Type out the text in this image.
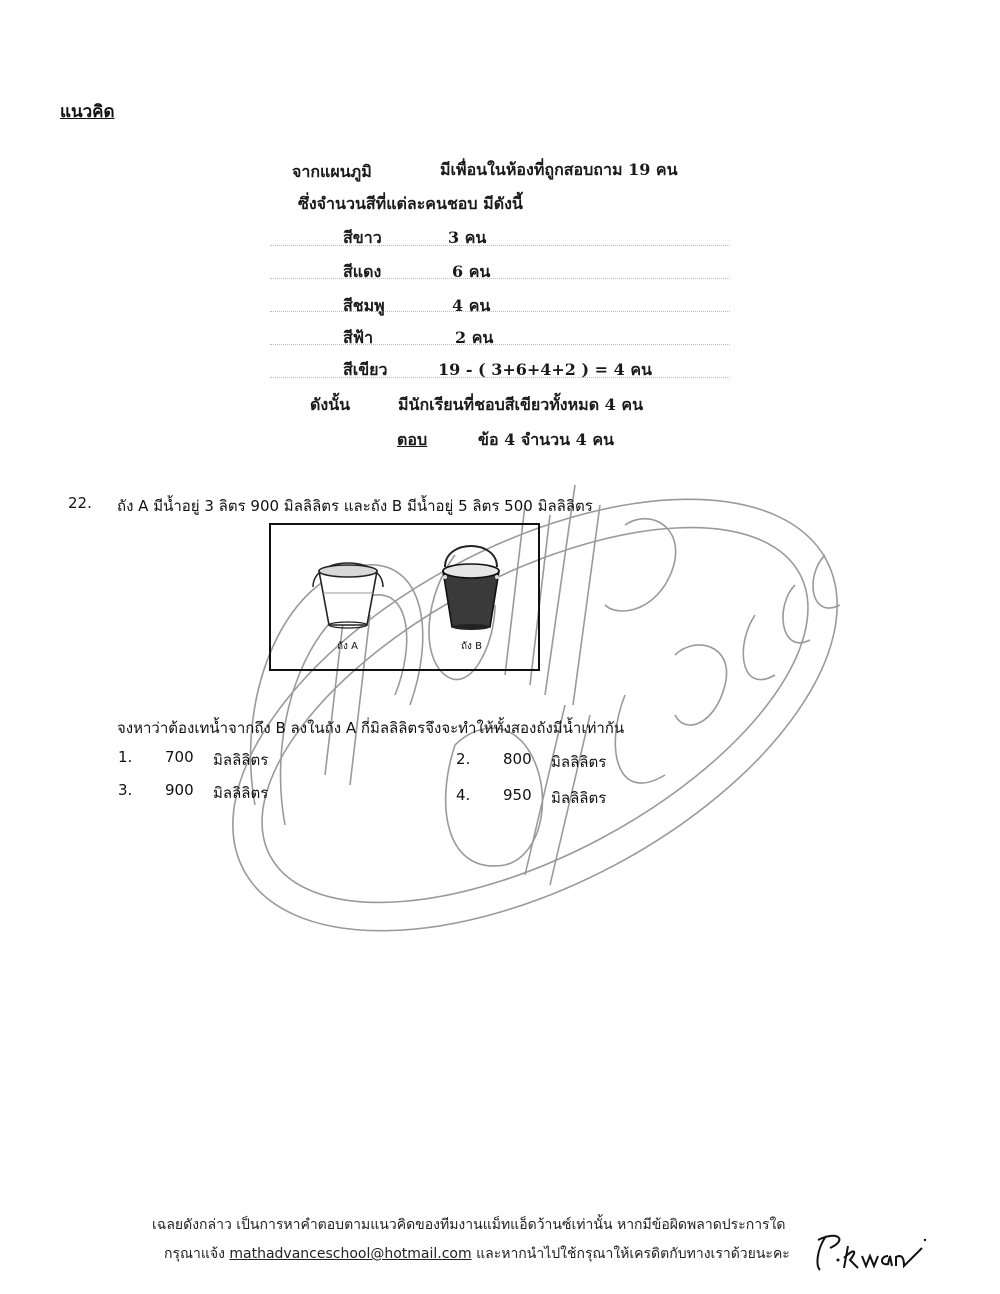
แนวคิด
จากแผนภูมิ	มีเพื่อนในห้องที่ถูกสอบถาม 19 คน
ซึ่งจำนวนสีที่แต่ละคนชอบ มีดังนี้
สีขาว	3 คน
สีแดง	6 คน
สีชมพู	4 คน
สีฟ้า	2 คน
สีเขียว	19 - ( 3+6+4+2 ) = 4 คน
ดังนั้น	มีนักเรียนที่ชอบสีเขียวทั้งหมด 4 คน
ตอบ	ข้อ 4 จำนวน 4 คน
22. ถัง A มีน้ำอยู่ 3 ลิตร 900 มิลลิลิตร และถัง B มีน้ำอยู่ 5 ลิตร 500 มิลลิลิตร
ถัง A	ถัง B
จงหาว่าต้องเทน้ำจากถึง B ลงในถัง A กี่มิลลิลิตรจึงจะทำให้ทั้งสองถังมีน้ำเท่ากัน
1. 700 มิลลิลิตร	2. 800 มิลลิลิตร
3. 900 มิลลิลิตร	4. 950 มิลลิลิตร
เฉลยดังกล่าว เป็นการหาคำตอบตามแนวคิดของทีมงานแม็ทแอ็ดว้านซ์เท่านั้น หากมีข้อผิดพลาดประการใด
กรุณาแจ้ง mathadvanceschool@hotmail.com และหากนำไปใช้กรุณาให้เครดิตกับทางเราด้วยนะคะ
